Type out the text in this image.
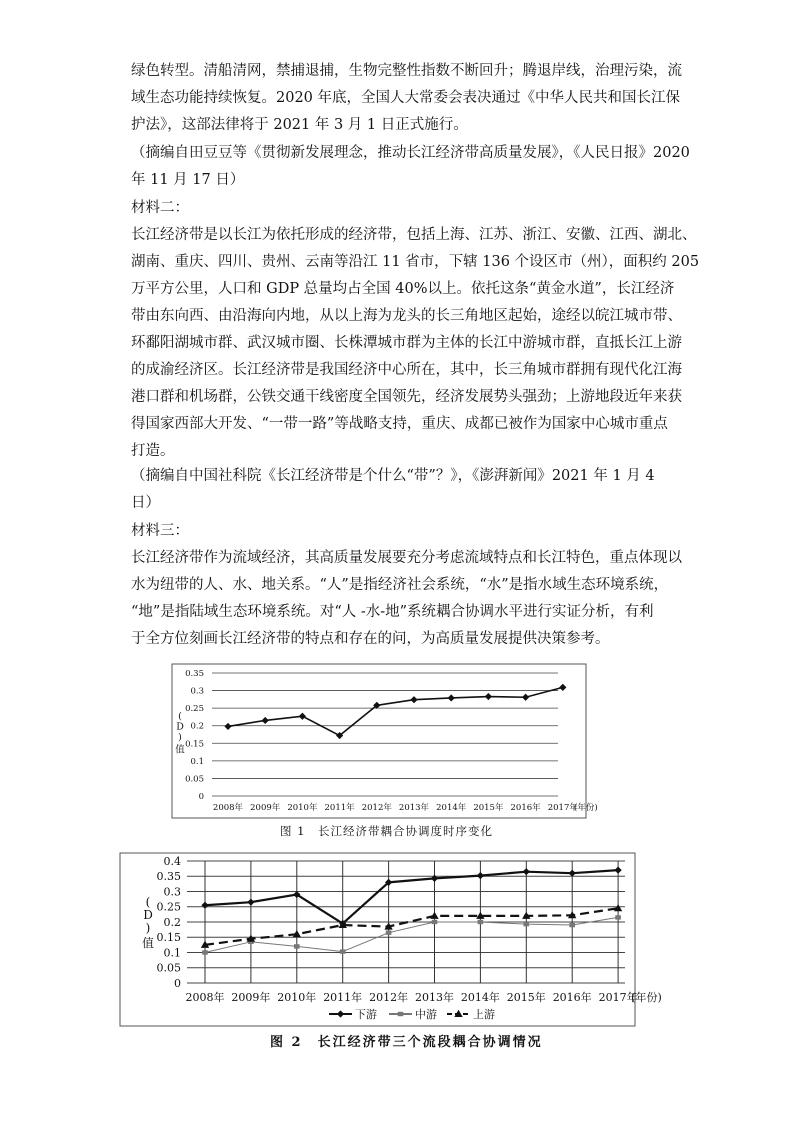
绿色转型。清船清网，禁捕退捕，生物完整性指数不断回升；腾退岸线，治理污染，流
域生态功能持续恢复。2020 年底，全国人大常委会表决通过《中华人民共和国长江保
护法》，这部法律将于 2021 年 3 月 1 日正式施行。
（摘编自田豆豆等《贯彻新发展理念，推动长江经济带高质量发展》，《人民日报》2020
年 11 月 17 日）
材料二：
长江经济带是以长江为依托形成的经济带，包括上海、江苏、浙江、安徽、江西、湖北、
湖南、重庆、四川、贵州、云南等沿江 11 省市，下辖 136 个设区市（州），面积约 205
万平方公里，人口和 GDP 总量均占全国 40%以上。依托这条“黄金水道”，长江经济
带由东向西、由沿海向内地，从以上海为龙头的长三角地区起始，途经以皖江城市带、
环鄱阳湖城市群、武汉城市圈、长株潭城市群为主体的长江中游城市群，直抵长江上游
的成渝经济区。长江经济带是我国经济中心所在，其中，长三角城市群拥有现代化江海
港口群和机场群，公铁交通干线密度全国领先，经济发展势头强劲；上游地段近年来获
得国家西部大开发、“一带一路”等战略支持，重庆、成都已被作为国家中心城市重点
打造。
（摘编自中国社科院《长江经济带是个什么“带”？》，《澎湃新闻》2021 年 1 月 4
日）
材料三：
长江经济带作为流域经济，其高质量发展要充分考虑流域特点和长江特色，重点体现以
水为纽带的人、水、地关系。“人”是指经济社会系统，“水”是指水域生态环境系统，
“地”是指陆域生态环境系统。对“人 -水-地”系统耦合协调水平进行实证分析，有利
于全方位刻画长江经济带的特点和存在的问，为高质量发展提供决策参考。
0
0.05
0.1
0.15
0.2
0.25
0.3
0.35
(
D
)
值
2008年 2009年 2010年 2011年 2012年 2013年 2014年 2015年 2016年 2017年
(年份)
图 1　长江经济带耦合协调度时序变化
0
0.05
0.1
0.15
0.2
0.25
0.3
0.35
0.4
(
D
)
值
2008年 2009年 2010年 2011年 2012年 2013年 2014年 2015年 2016年 2017年
(年份)
下游	中游	上游
图 2　长江经济带三个流段耦合协调情况
